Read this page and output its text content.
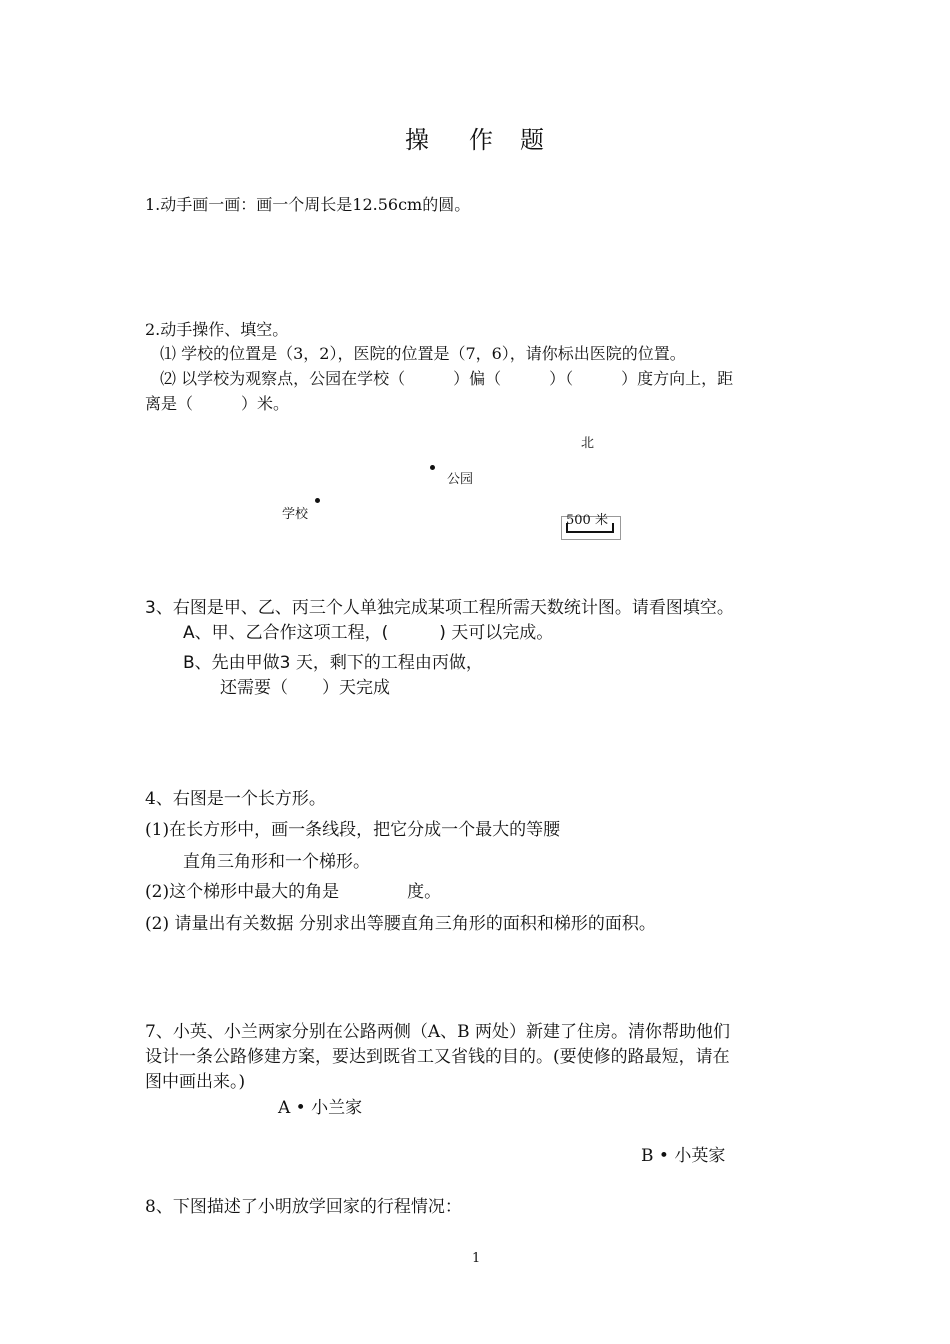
操 作 题
1.动手画一画：画一个周长是12.56cm的圆。
2.动手操作、填空。
⑴ 学校的位置是（3，2），医院的位置是（7，6），请你标出医院的位置。
⑵ 以学校为观察点，公园在学校（　　　）偏（　　　）（　　　）度方向上，距
离是（　　　）米。
北
公园
学校	500 米
3、右图是甲、乙、丙三个人单独完成某项工程所需天数统计图。请看图填空。
A、甲、乙合作这项工程，(　　　) 天可以完成。
B、先由甲做3 天，剩下的工程由丙做，
还需要（　　）天完成
4、右图是一个长方形。
(1)在长方形中，画一条线段，把它分成一个最大的等腰
直角三角形和一个梯形。
(2)这个梯形中最大的角是　　　　度。
(2) 请量出有关数据 分别求出等腰直角三角形的面积和梯形的面积。
7、小英、小兰两家分别在公路两侧（A、B 两处）新建了住房。清你帮助他们
设计一条公路修建方案，要达到既省工又省钱的目的。(要使修的路最短，请在
图中画出来。)
A • 小兰家
B • 小英家
8、下图描述了小明放学回家的行程情况：
1
